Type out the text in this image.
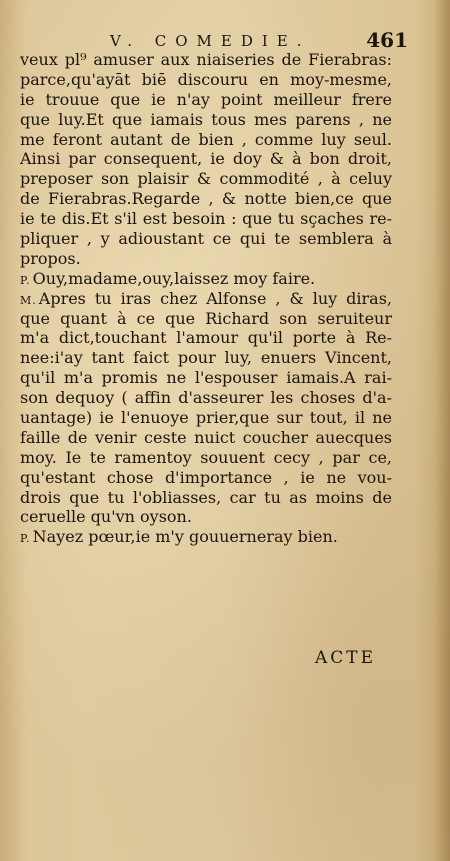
V. COMEDIE.	461
veux pl⁹ amuser aux niaiseries de Fierabras:
parce,qu'ayāt biē discouru en moy-mesme,
ie trouue que ie n'ay point meilleur frere
que luy.Et que iamais tous mes parens , ne
me feront autant de bien , comme luy seul.
Ainsi par consequent, ie doy & à bon droit,
preposer son plaisir & commodité , à celuy
de Fierabras.Regarde , & notte bien,ce que
ie te dis.Et s'il est besoin : que tu sçaches re-
pliquer , y adioustant ce qui te semblera à
propos.
P. Ouy,madame,ouy,laissez moy faire.
M. Apres tu iras chez Alfonse , & luy diras,
que quant à ce que Richard son seruiteur
m'a dict,touchant l'amour qu'il porte à Re-
nee:i'ay tant faict pour luy, enuers Vincent,
qu'il m'a promis ne l'espouser iamais.A rai-
son dequoy ( affin d'asseurer les choses d'a-
uantage) ie l'enuoye prier,que sur tout, il ne
faille de venir ceste nuict coucher auecques
moy. Ie te ramentoy souuent cecy , par ce,
qu'estant chose d'importance , ie ne vou-
drois que tu l'obliasses, car tu as moins de
ceruelle qu'vn oyson.
P. Nayez pœur,ie m'y gouuerneray bien.
ACTE
